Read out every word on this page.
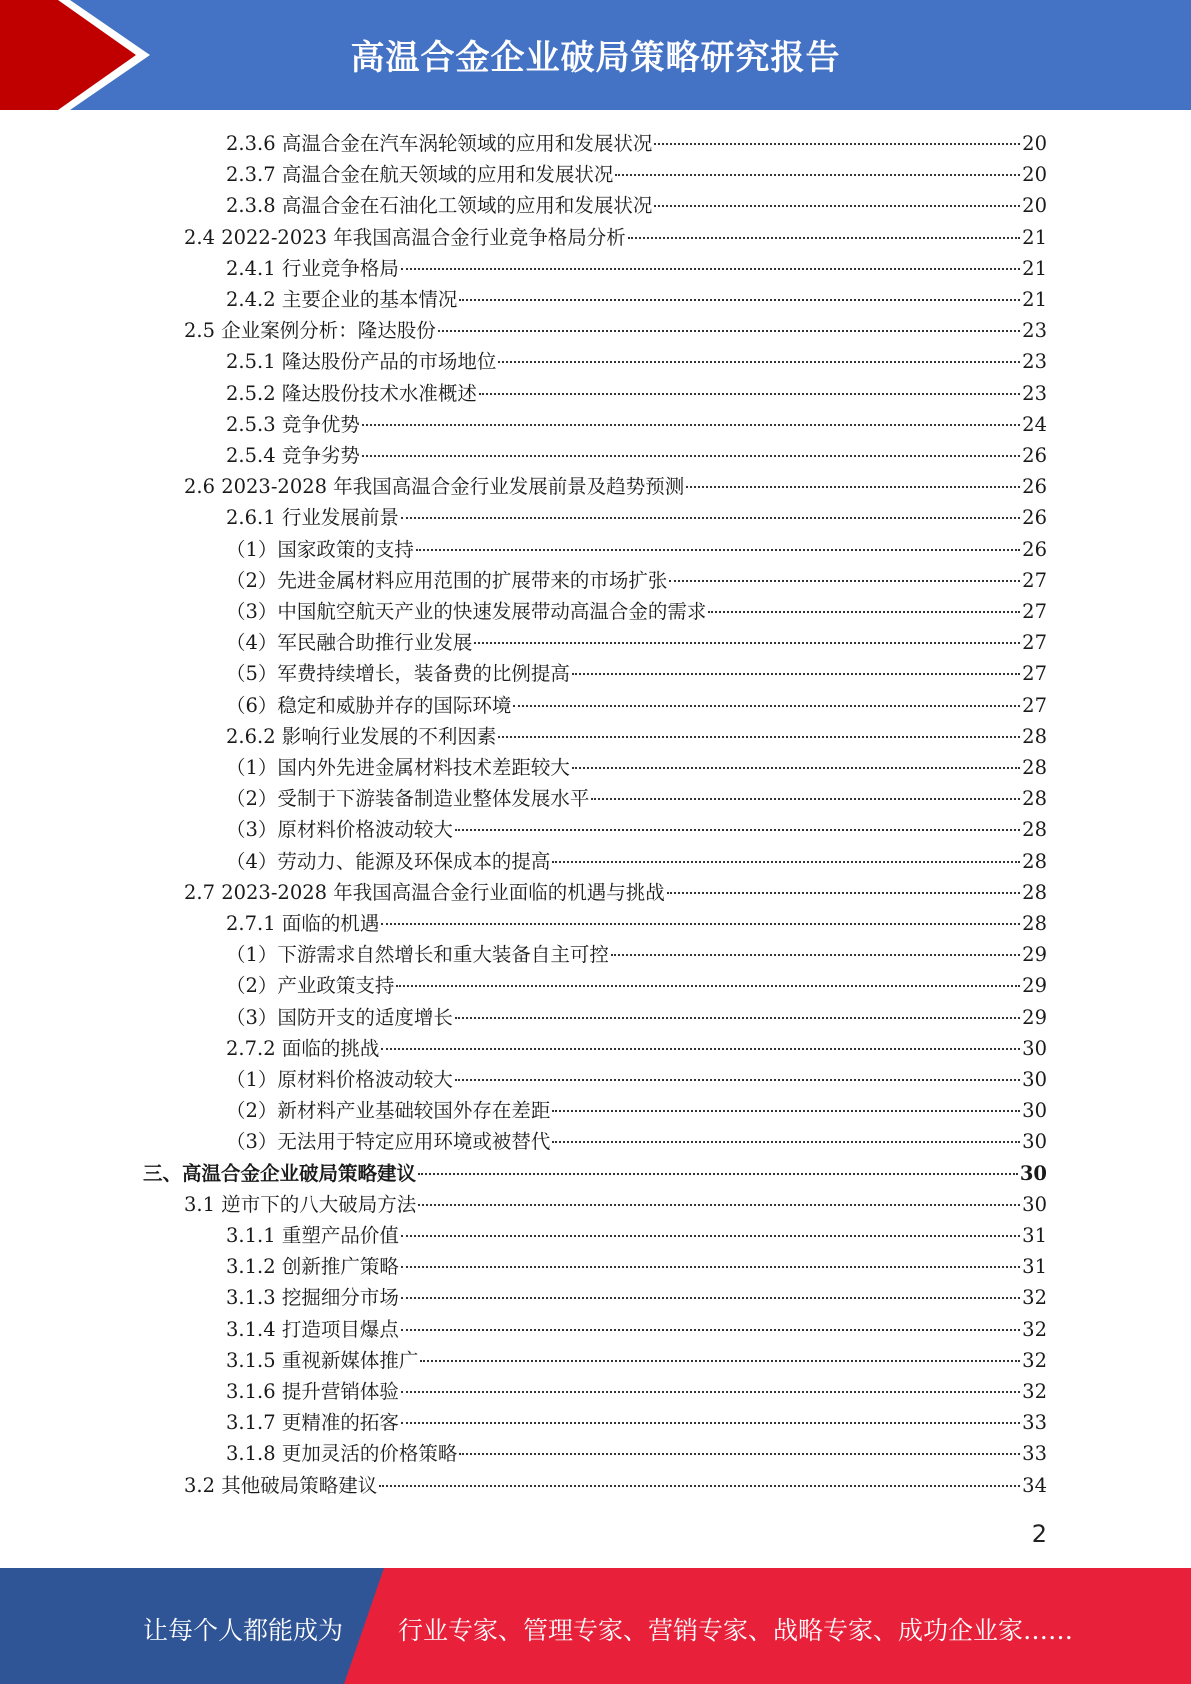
高温合金企业破局策略研究报告
2.3.6 高温合金在汽车涡轮领域的应用和发展状况	20
2.3.7 高温合金在航天领域的应用和发展状况	20
2.3.8 高温合金在石油化工领域的应用和发展状况	20
2.4 2022-2023 年我国高温合金行业竞争格局分析	21
2.4.1 行业竞争格局	21
2.4.2 主要企业的基本情况	21
2.5 企业案例分析：隆达股份	23
2.5.1 隆达股份产品的市场地位	23
2.5.2 隆达股份技术水准概述	23
2.5.3 竞争优势	24
2.5.4 竞争劣势	26
2.6 2023-2028 年我国高温合金行业发展前景及趋势预测	26
2.6.1 行业发展前景	26
（1）国家政策的支持	26
（2）先进金属材料应用范围的扩展带来的市场扩张	27
（3）中国航空航天产业的快速发展带动高温合金的需求	27
（4）军民融合助推行业发展	27
（5）军费持续增长，装备费的比例提高	27
（6）稳定和威胁并存的国际环境	27
2.6.2 影响行业发展的不利因素	28
（1）国内外先进金属材料技术差距较大	28
（2）受制于下游装备制造业整体发展水平	28
（3）原材料价格波动较大	28
（4）劳动力、能源及环保成本的提高	28
2.7 2023-2028 年我国高温合金行业面临的机遇与挑战	28
2.7.1 面临的机遇	28
（1）下游需求自然增长和重大装备自主可控	29
（2）产业政策支持	29
（3）国防开支的适度增长	29
2.7.2 面临的挑战	30
（1）原材料价格波动较大	30
（2）新材料产业基础较国外存在差距	30
（3）无法用于特定应用环境或被替代	30
三、高温合金企业破局策略建议	30
3.1 逆市下的八大破局方法	30
3.1.1 重塑产品价值	31
3.1.2 创新推广策略	31
3.1.3 挖掘细分市场	32
3.1.4 打造项目爆点	32
3.1.5 重视新媒体推广	32
3.1.6 提升营销体验	32
3.1.7 更精准的拓客	33
3.1.8 更加灵活的价格策略	33
3.2 其他破局策略建议	34
2
让每个人都能成为 行业专家、管理专家、营销专家、战略专家、成功企业家……
